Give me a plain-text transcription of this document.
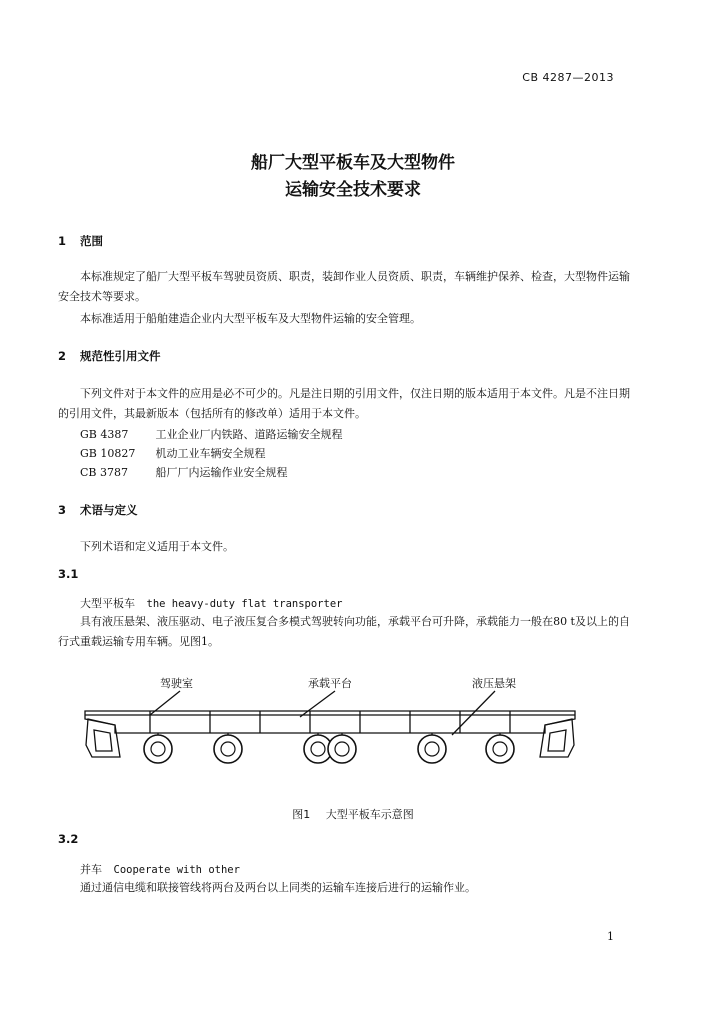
CB 4287—2013
船厂大型平板车及大型物件
运输安全技术要求
1 范围
本标准规定了船厂大型平板车驾驶员资质、职责，装卸作业人员资质、职责，车辆维护保养、检查，大型物件运输安全技术等要求。
本标准适用于船舶建造企业内大型平板车及大型物件运输的安全管理。
2 规范性引用文件
下列文件对于本文件的应用是必不可少的。凡是注日期的引用文件，仅注日期的版本适用于本文件。凡是不注日期的引用文件，其最新版本（包括所有的修改单）适用于本文件。
GB 4387 工业企业厂内铁路、道路运输安全规程
GB 10827 机动工业车辆安全规程
CB 3787	船厂厂内运输作业安全规程
3 术语与定义
下列术语和定义适用于本文件。
3.1
大型平板车 the heavy-duty flat transporter
具有液压悬架、液压驱动、电子液压复合多模式驾驶转向功能，承载平台可升降，承载能力一般在80 t及以上的自行式重载运输专用车辆。见图1。
驾驶室	承载平台	液压悬架
图1 大型平板车示意图
3.2
并车 Cooperate with other
通过通信电缆和联接管线将两台及两台以上同类的运输车连接后进行的运输作业。
1
